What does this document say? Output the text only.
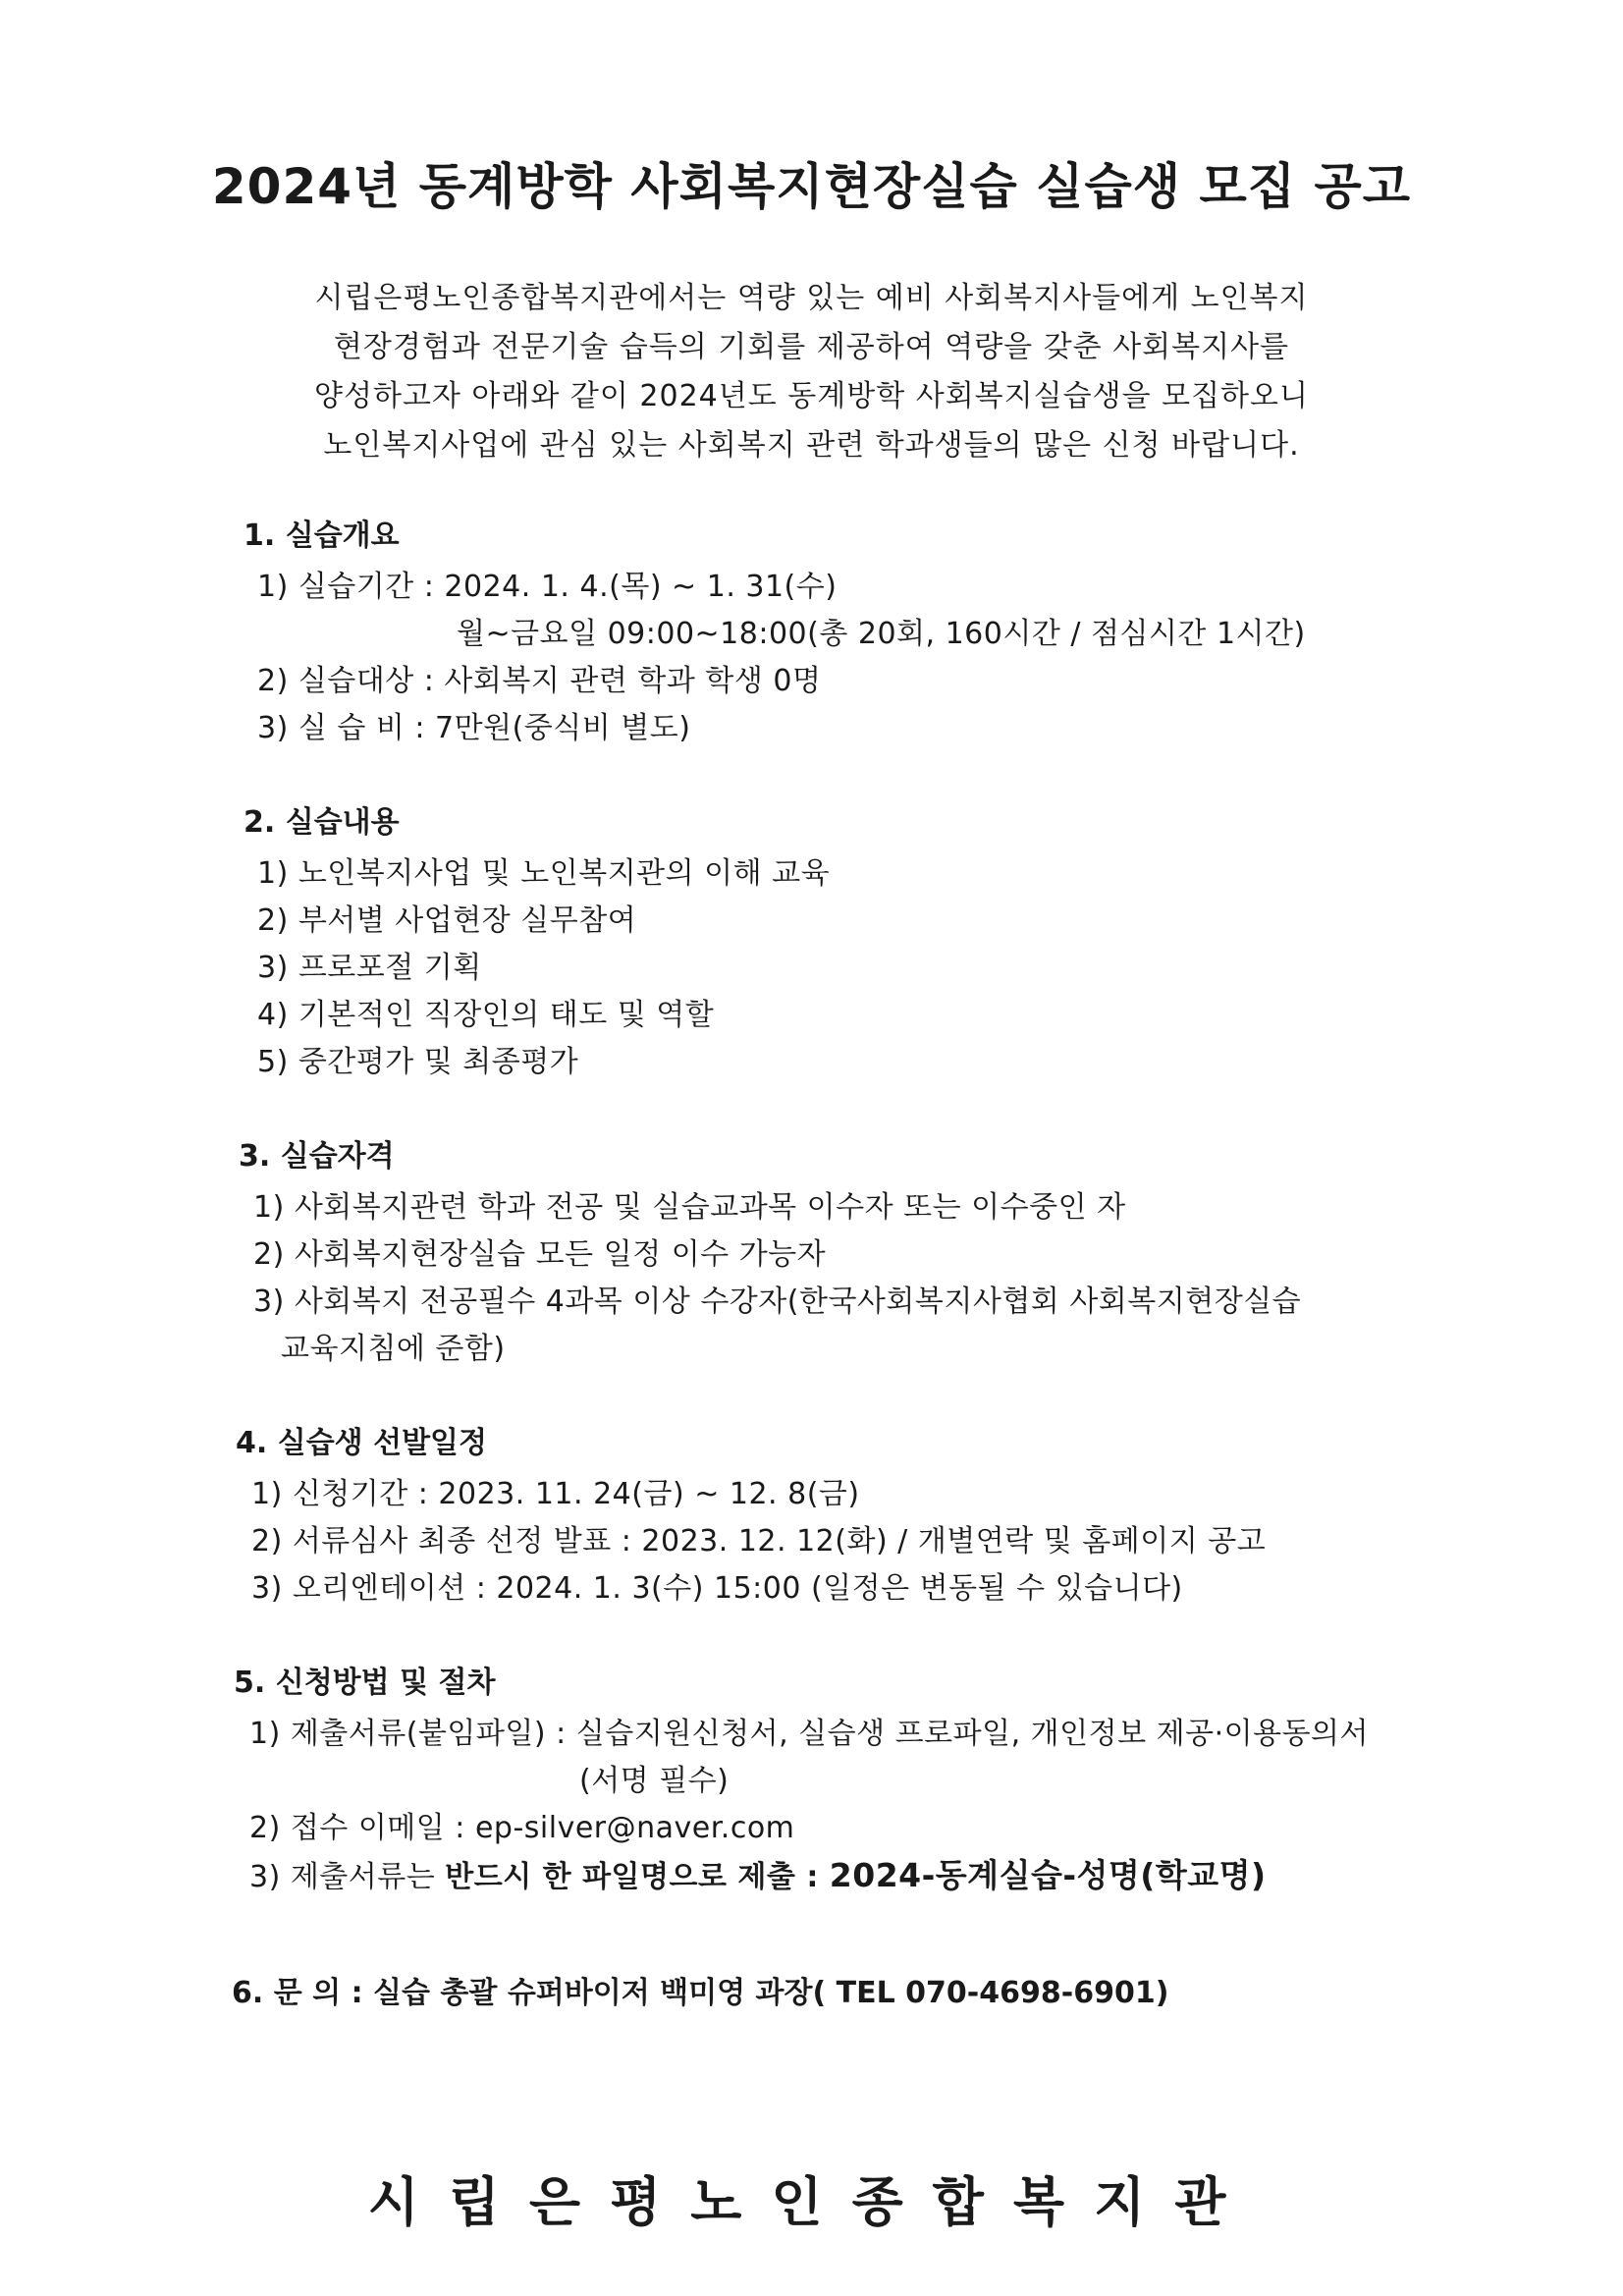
2024년 동계방학 사회복지현장실습 실습생 모집 공고
시립은평노인종합복지관에서는 역량 있는 예비 사회복지사들에게 노인복지
현장경험과 전문기술 습득의 기회를 제공하여 역량을 갖춘 사회복지사를
양성하고자 아래와 같이 2024년도 동계방학 사회복지실습생을 모집하오니
노인복지사업에 관심 있는 사회복지 관련 학과생들의 많은 신청 바랍니다.
1. 실습개요
1) 실습기간 : 2024. 1. 4.(목) ~ 1. 31(수)
월~금요일 09:00~18:00(총 20회, 160시간 / 점심시간 1시간)
2) 실습대상 : 사회복지 관련 학과 학생 0명
3) 실 습 비 : 7만원(중식비 별도)
2. 실습내용
1) 노인복지사업 및 노인복지관의 이해 교육
2) 부서별 사업현장 실무참여
3) 프로포절 기획
4) 기본적인 직장인의 태도 및 역할
5) 중간평가 및 최종평가
3. 실습자격
1) 사회복지관련 학과 전공 및 실습교과목 이수자 또는 이수중인 자
2) 사회복지현장실습 모든 일정 이수 가능자
3) 사회복지 전공필수 4과목 이상 수강자(한국사회복지사협회 사회복지현장실습
교육지침에 준함)
4. 실습생 선발일정
1) 신청기간 : 2023. 11. 24(금) ~ 12. 8(금)
2) 서류심사 최종 선정 발표 : 2023. 12. 12(화) / 개별연락 및 홈페이지 공고
3) 오리엔테이션 : 2024. 1. 3(수) 15:00 (일정은 변동될 수 있습니다)
5. 신청방법 및 절차
1) 제출서류(붙임파일) : 실습지원신청서, 실습생 프로파일, 개인정보 제공·이용동의서
(서명 필수)
2) 접수 이메일 : ep-silver@naver.com
3) 제출서류는 반드시 한 파일명으로 제출 : 2024-동계실습-성명(학교명)
6. 문 의 : 실습 총괄 슈퍼바이저 백미영 과장( TEL 070-4698-6901)
시립은평노인종합복지관
